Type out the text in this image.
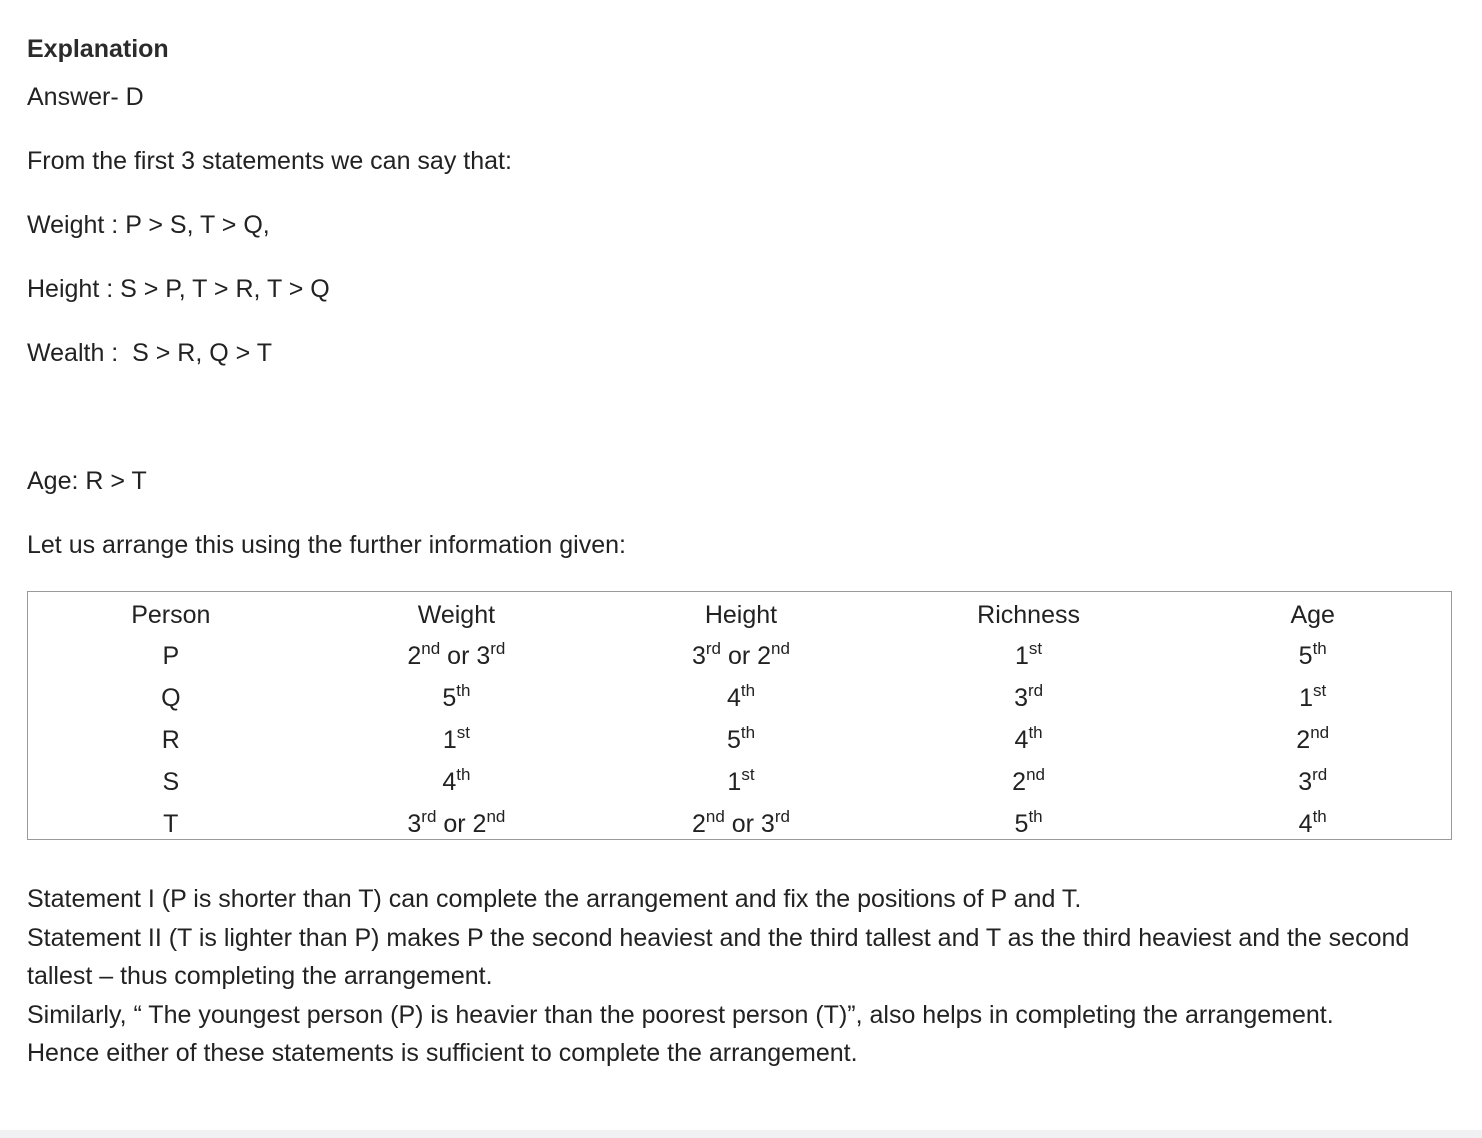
Explanation

Answer- D

From the first 3 statements we can say that:

Weight : P > S, T > Q,

Height : S > P, T > R, T > Q

Wealth :  S > R, Q > T

Age: R > T

Let us arrange this using the further information given:

Person	Weight	Height	Richness	Age
P	2nd or 3rd	3rd or 2nd	1st	5th
Q	5th	4th	3rd	1st
R	1st	5th	4th	2nd
S	4th	1st	2nd	3rd
T	3rd or 2nd	2nd or 3rd	5th	4th

Statement I (P is shorter than T) can complete the arrangement and fix the positions of P and T.

Statement II (T is lighter than P) makes P the second heaviest and the third tallest and T as the third heaviest and the second tallest – thus completing the arrangement.

Similarly, “ The youngest person (P) is heavier than the poorest person (T)”, also helps in completing the arrangement.

Hence either of these statements is sufficient to complete the arrangement.
